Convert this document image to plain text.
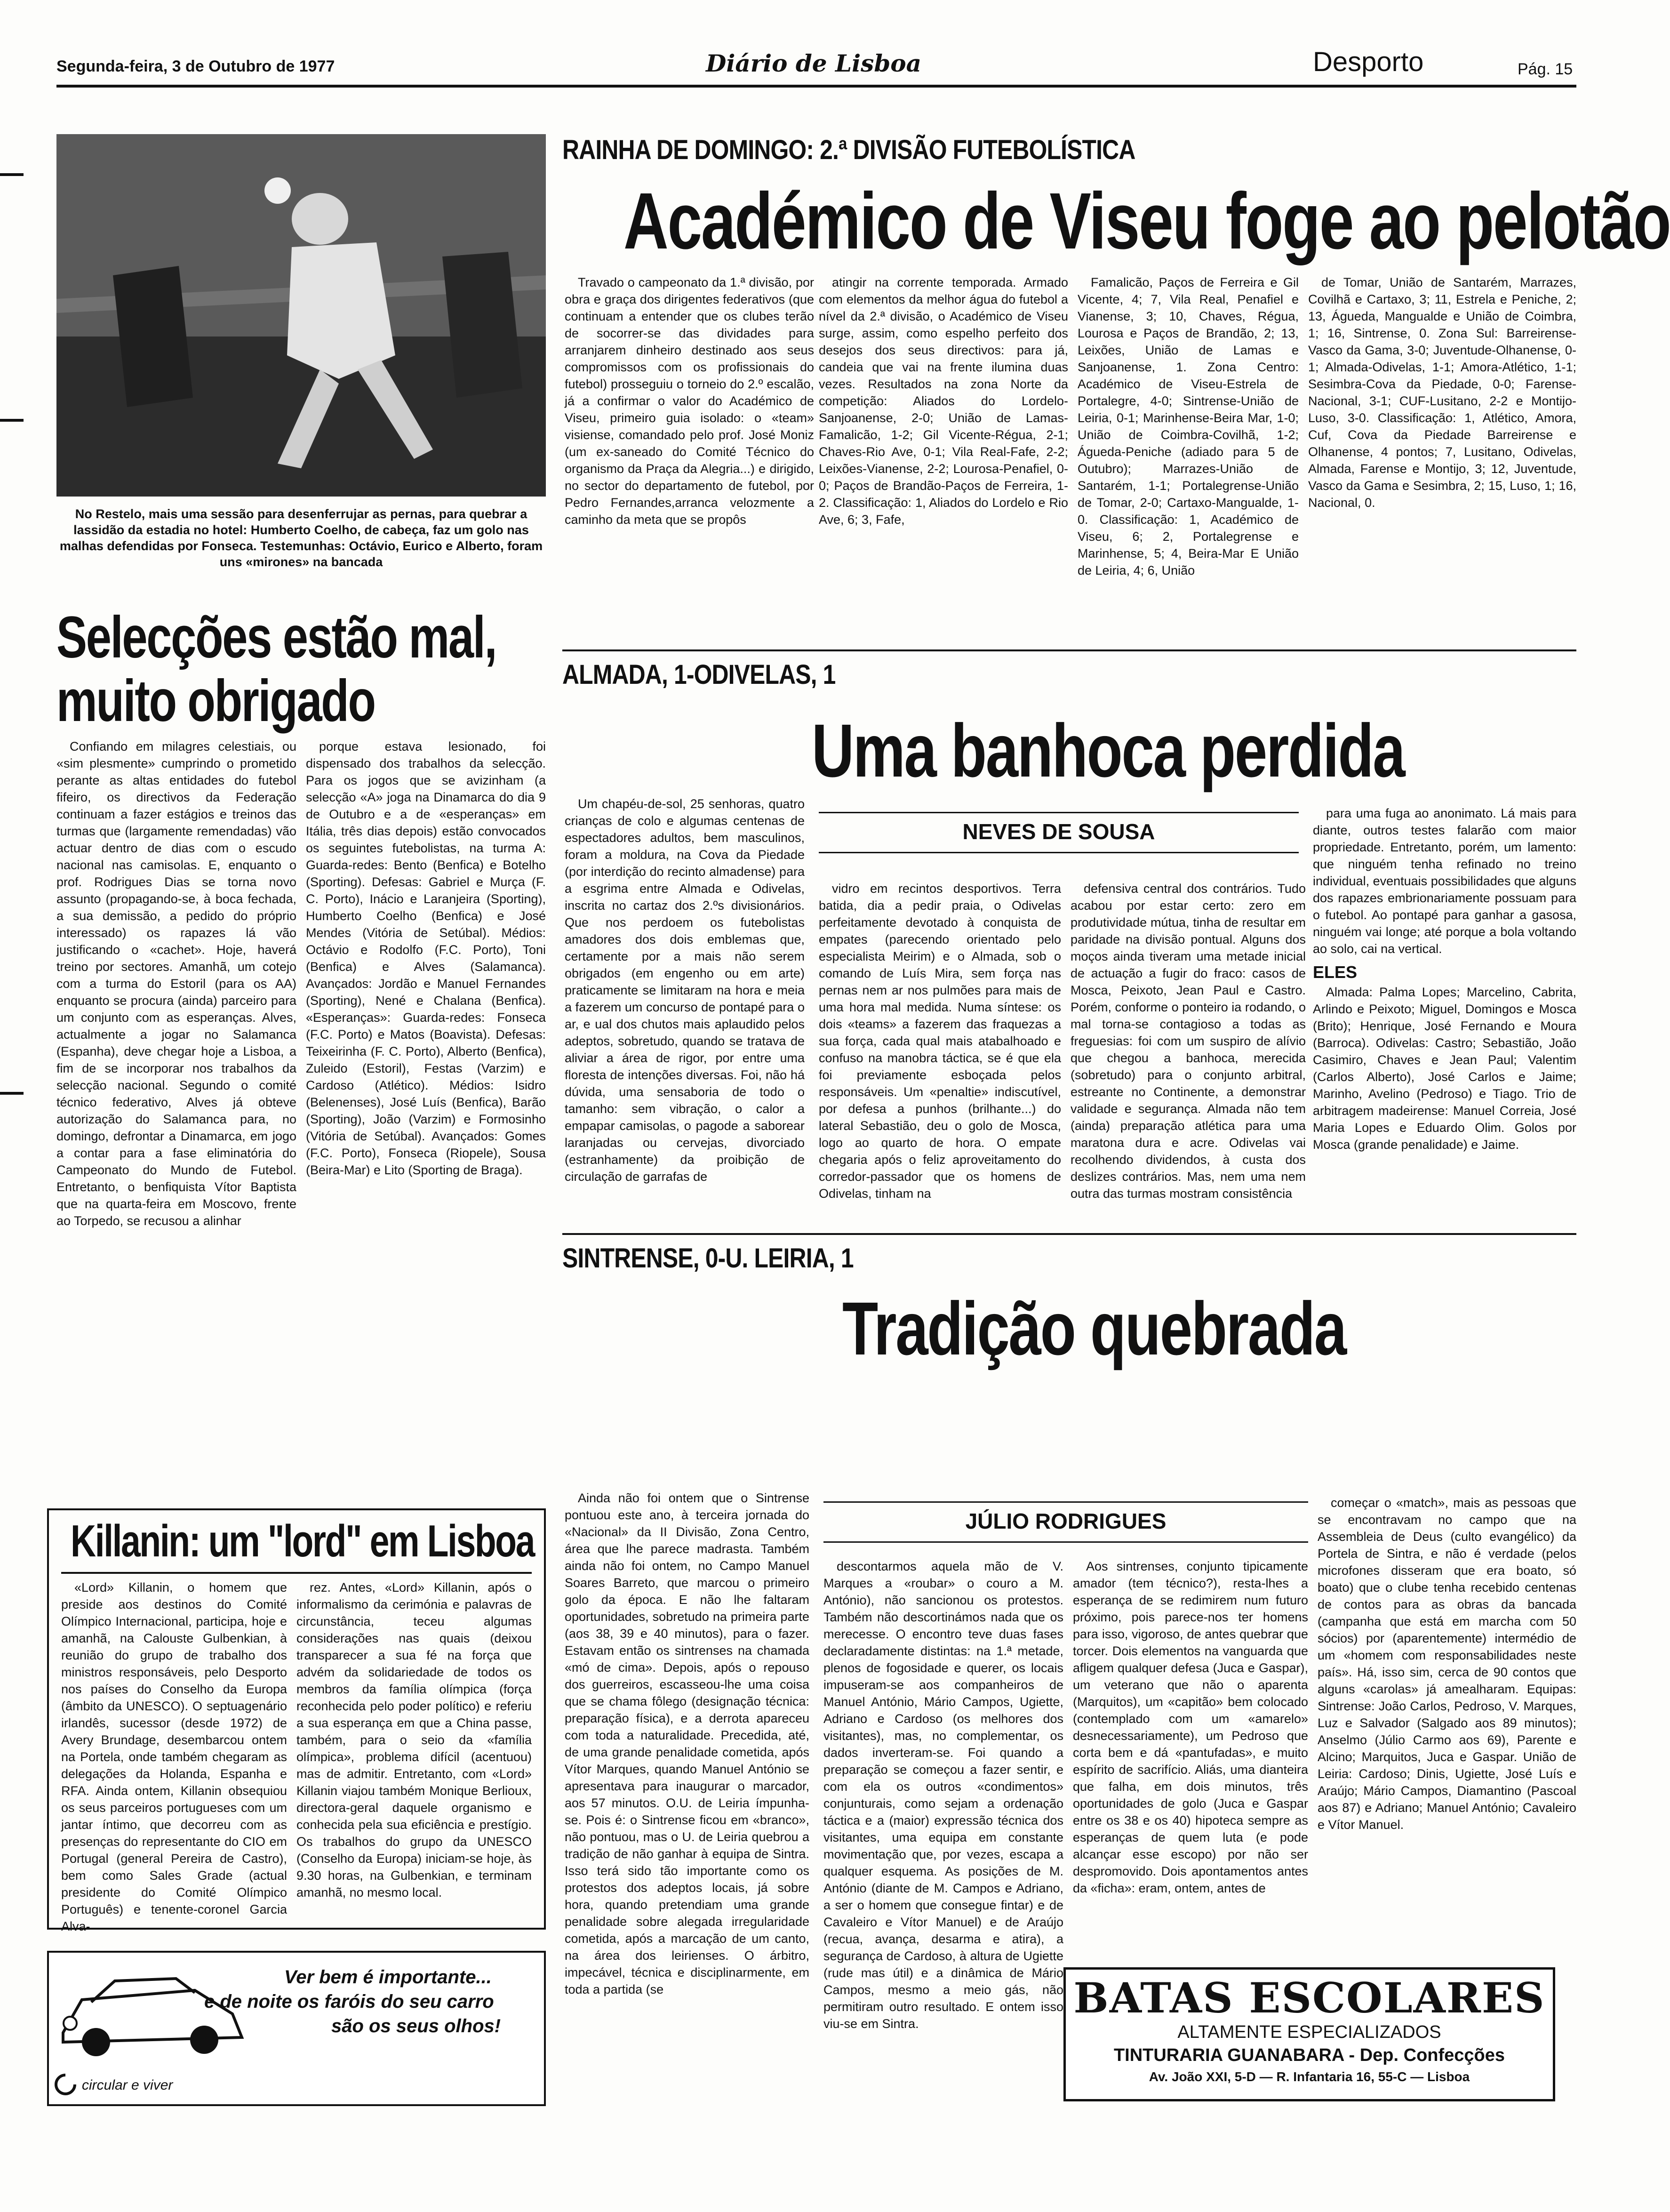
Segunda-feira, 3 de Outubro de 1977	Diário de Lisboa	Desporto	Pág. 15
No Restelo, mais uma sessão para desenferrujar as pernas, para quebrar a lassidão da estadia no hotel: Humberto Coelho, de cabeça, faz um golo nas malhas defendidas por Fonseca. Testemunhas: Octávio, Eurico e Alberto, foram uns «mirones» na bancada
RAINHA DE DOMINGO: 2.ª DIVISÃO FUTEBOLÍSTICA
Académico de Viseu foge ao pelotão

Travado o campeonato da 1.ª divisão, por obra e graça dos dirigentes federativos (que continuam a entender que os clubes terão de socorrer-se das dividades para arranjarem dinheiro destinado aos seus compromissos com os profissionais do futebol) prosseguiu o torneio do 2.º escalão, já a confirmar o valor do Académico de Viseu, primeiro guia isolado: o «team» visiense, comandado pelo prof. José Moniz (um ex-saneado do Comité Técnico do organismo da Praça da Alegria...) e dirigido, no sector do departamento de futebol, por Pedro Fernandes,arranca velozmente a caminho da meta que se propôs

atingir na corrente temporada. Armado com elementos da melhor água do futebol a nível da 2.ª divisão, o Académico de Viseu surge, assim, como espelho perfeito dos desejos dos seus directivos: para já, candeia que vai na frente ilumina duas vezes. Resultados na zona Norte da competição: Aliados do Lordelo-Sanjoanense, 2-0; União de Lamas-Famalicão, 1-2; Gil Vicente-Régua, 2-1; Chaves-Rio Ave, 0-1; Vila Real-Fafe, 2-2; Leixões-Vianense, 2-2; Lourosa-Penafiel, 0-0; Paços de Brandão-Paços de Ferreira, 1-2. Classificação: 1, Aliados do Lordelo e Rio Ave, 6; 3, Fafe,

Famalicão, Paços de Ferreira e Gil Vicente, 4; 7, Vila Real, Penafiel e Vianense, 3; 10, Chaves, Régua, Lourosa e Paços de Brandão, 2; 13, Leixões, União de Lamas e Sanjoanense, 1. Zona Centro: Académico de Viseu-Estrela de Portalegre, 4-0; Sintrense-União de Leiria, 0-1; Marinhense-Beira Mar, 1-0; União de Coimbra-Covilhã, 1-2; Águeda-Peniche (adiado para 5 de Outubro); Marrazes-União de Santarém, 1-1; Portalegrense-União de Tomar, 2-0; Cartaxo-Mangualde, 1-0. Classificação: 1, Académico de Viseu, 6; 2, Portalegrense e Marinhense, 5; 4, Beira-Mar E União de Leiria, 4; 6, União

de Tomar, União de Santarém, Marrazes, Covilhã e Cartaxo, 3; 11, Estrela e Peniche, 2; 13, Águeda, Mangualde e União de Coimbra, 1; 16, Sintrense, 0. Zona Sul: Barreirense-Vasco da Gama, 3-0; Juventude-Olhanense, 0-1; Almada-Odivelas, 1-1; Amora-Atlético, 1-1; Sesimbra-Cova da Piedade, 0-0; Farense-Nacional, 3-1; CUF-Lusitano, 2-2 e Montijo-Luso, 3-0. Classificação: 1, Atlético, Amora, Cuf, Cova da Piedade Barreirense e Olhanense, 4 pontos; 7, Lusitano, Odivelas, Almada, Farense e Montijo, 3; 12, Juventude, Vasco da Gama e Sesimbra, 2; 15, Luso, 1; 16, Nacional, 0.

Selecções estão mal,
muito obrigado

Confiando em milagres celestiais, ou «sim plesmente» cumprindo o prometido perante as altas entidades do futebol fifeiro, os directivos da Federação continuam a fazer estágios e treinos das turmas que (largamente remendadas) vão actuar dentro de dias com o escudo nacional nas camisolas. E, enquanto o prof. Rodrigues Dias se torna novo assunto (propagando-se, à boca fechada, a sua demissão, a pedido do próprio interessado) os rapazes lá vão justificando o «cachet». Hoje, haverá treino por sectores. Amanhã, um cotejo com a turma do Estoril (para os AA) enquanto se procura (ainda) parceiro para um conjunto com as esperanças. Alves, actualmente a jogar no Salamanca (Espanha), deve chegar hoje a Lisboa, a fim de se incorporar nos trabalhos da selecção nacional. Segundo o comité técnico federativo, Alves já obteve autorização do Salamanca para, no domingo, defrontar a Dinamarca, em jogo a contar para a fase eliminatória do Campeonato do Mundo de Futebol. Entretanto, o benfiquista Vítor Baptista que na quarta-feira em Moscovo, frente ao Torpedo, se recusou a alinhar

porque estava lesionado, foi dispensado dos trabalhos da selecção. Para os jogos que se avizinham (a selecção «A» joga na Dinamarca do dia 9 de Outubro e a de «esperanças» em Itália, três dias depois) estão convocados os seguintes futebolistas, na turma A: Guarda-redes: Bento (Benfica) e Botelho (Sporting). Defesas: Gabriel e Murça (F. C. Porto), Inácio e Laranjeira (Sporting), Humberto Coelho (Benfica) e José Mendes (Vitória de Setúbal). Médios: Octávio e Rodolfo (F.C. Porto), Toni (Benfica) e Alves (Salamanca). Avançados: Jordão e Manuel Fernandes (Sporting), Nené e Chalana (Benfica). «Esperanças»: Guarda-redes: Fonseca (F.C. Porto) e Matos (Boavista). Defesas: Teixeirinha (F. C. Porto), Alberto (Benfica), Zuleido (Estoril), Festas (Varzim) e Cardoso (Atlético). Médios: Isidro (Belenenses), José Luís (Benfica), Barão (Sporting), João (Varzim) e Formosinho (Vitória de Setúbal). Avançados: Gomes (F.C. Porto), Fonseca (Riopele), Sousa (Beira-Mar) e Lito (Sporting de Braga).

ALMADA, 1-ODIVELAS, 1
Uma banhoca perdida

Um chapéu-de-sol, 25 senhoras, quatro crianças de colo e algumas centenas de espectadores adultos, bem masculinos, foram a moldura, na Cova da Piedade (por interdição do recinto almadense) para a esgrima entre Almada e Odivelas, inscrita no cartaz dos 2.ºs divisionários. Que nos perdoem os futebolistas amadores dos dois emblemas que, certamente por a mais não serem obrigados (em engenho ou em arte) praticamente se limitaram na hora e meia a fazerem um concurso de pontapé para o ar, e ual dos chutos mais aplaudido pelos adeptos, sobretudo, quando se tratava de aliviar a área de rigor, por entre uma floresta de intenções diversas. Foi, não há dúvida, uma sensaboria de todo o tamanho: sem vibração, o calor a empapar camisolas, o pagode a saborear laranjadas ou cervejas, divorciado (estranhamente) da proibição de circulação de garrafas de

NEVES DE SOUSA

vidro em recintos desportivos. Terra batida, dia a pedir praia, o Odivelas perfeitamente devotado à conquista de empates (parecendo orientado pelo especialista Meirim) e o Almada, sob o comando de Luís Mira, sem força nas pernas nem ar nos pulmões para mais de uma hora mal medida. Numa síntese: os dois «teams» a fazerem das fraquezas a sua força, cada qual mais atabalhoado e confuso na manobra táctica, se é que ela foi previamente esboçada pelos responsáveis. Um «penaltie» indiscutível, por defesa a punhos (brilhante...) do lateral Sebastião, deu o golo de Mosca, logo ao quarto de hora. O empate chegaria após o feliz aproveitamento do corredor-passador que os homens de Odivelas, tinham na

defensiva central dos contrários. Tudo acabou por estar certo: zero em produtividade mútua, tinha de resultar em paridade na divisão pontual. Alguns dos moços ainda tiveram uma metade inicial de actuação a fugir do fraco: casos de Mosca, Peixoto, Jean Paul e Castro. Porém, conforme o ponteiro ia rodando, o mal torna-se contagioso a todas as freguesias: foi com um suspiro de alívio que chegou a banhoca, merecida (sobretudo) para o conjunto arbitral, estreante no Continente, a demonstrar validade e segurança. Almada não tem (ainda) preparação atlética para uma maratona dura e acre. Odivelas vai recolhendo dividendos, à custa dos deslizes contrários. Mas, nem uma nem outra das turmas mostram consistência

para uma fuga ao anonimato. Lá mais para diante, outros testes falarão com maior propriedade. Entretanto, porém, um lamento: que ninguém tenha refinado no treino individual, eventuais possibilidades que alguns dos rapazes embrionariamente possuam para o futebol. Ao pontapé para ganhar a gasosa, ninguém vai longe; até porque a bola voltando ao solo, cai na vertical.

ELES

Almada: Palma Lopes; Marcelino, Cabrita, Arlindo e Peixoto; Miguel, Domingos e Mosca (Brito); Henrique, José Fernando e Moura (Barroca). Odivelas: Castro; Sebastião, João Casimiro, Chaves e Jean Paul; Valentim (Carlos Alberto), José Carlos e Jaime; Marinho, Avelino (Pedroso) e Tiago. Trio de arbitragem madeirense: Manuel Correia, José Maria Lopes e Eduardo Olim. Golos por Mosca (grande penalidade) e Jaime.

Killanin: um "lord" em Lisboa

«Lord» Killanin, o homem que preside aos destinos do Comité Olímpico Internacional, participa, hoje e amanhã, na Calouste Gulbenkian, à reunião do grupo de trabalho dos ministros responsáveis, pelo Desporto nos países do Conselho da Europa (âmbito da UNESCO). O septuagenário irlandês, sucessor (desde 1972) de Avery Brundage, desembarcou ontem na Portela, onde também chegaram as delegações da Holanda, Espanha e RFA. Ainda ontem, Killanin obsequiou os seus parceiros portugueses com um jantar íntimo, que decorreu com as presenças do representante do CIO em Portugal (general Pereira de Castro), bem como Sales Grade (actual presidente do Comité Olímpico Português) e tenente-coronel Garcia Alva-

rez. Antes, «Lord» Killanin, após o informalismo da cerimónia e palavras de circunstância, teceu algumas considerações nas quais (deixou transparecer a sua fé na força que advém da solidariedade de todos os membros da família olímpica (força reconhecida pelo poder político) e referiu a sua esperança em que a China passe, também, para o seio da «família olímpica», problema difícil (acentuou) mas de admitir. Entretanto, com «Lord» Killanin viajou também Monique Berlioux, directora-geral daquele organismo e conhecida pela sua eficiência e prestígio. Os trabalhos do grupo da UNESCO (Conselho da Europa) iniciam-se hoje, às 9.30 horas, na Gulbenkian, e terminam amanhã, no mesmo local.

SINTRENSE, 0-U. LEIRIA, 1
Tradição quebrada

Ainda não foi ontem que o Sintrense pontuou este ano, à terceira jornada do «Nacional» da II Divisão, Zona Centro, área que lhe parece madrasta. Também ainda não foi ontem, no Campo Manuel Soares Barreto, que marcou o primeiro golo da época. E não lhe faltaram oportunidades, sobretudo na primeira parte (aos 38, 39 e 40 minutos), para o fazer. Estavam então os sintrenses na chamada «mó de cima». Depois, após o repouso dos guerreiros, escasseou-lhe uma coisa que se chama fôlego (designação técnica: preparação física), e a derrota apareceu com toda a naturalidade. Precedida, até, de uma grande penalidade cometida, após Vítor Marques, quando Manuel António se apresentava para inaugurar o marcador, aos 57 minutos. O.U. de Leiria ímpunha-se. Pois é: o Sintrense ficou em «branco», não pontuou, mas o U. de Leiria quebrou a tradição de não ganhar à equipa de Sintra. Isso terá sido tão importante como os protestos dos adeptos locais, já sobre hora, quando pretendiam uma grande penalidade sobre alegada irregularidade cometida, após a marcação de um canto, na área dos leirienses. O árbitro, impecável, técnica e disciplinarmente, em toda a partida (se

JÚLIO RODRIGUES

descontarmos aquela mão de V. Marques a «roubar» o couro a M. António), não sancionou os protestos. Também não descortinámos nada que os merecesse. O encontro teve duas fases declaradamente distintas: na 1.ª metade, plenos de fogosidade e querer, os locais impuseram-se aos companheiros de Manuel António, Mário Campos, Ugiette, Adriano e Cardoso (os melhores dos visitantes), mas, no complementar, os dados inverteram-se. Foi quando a preparação se começou a fazer sentir, e com ela os outros «condimentos» conjunturais, como sejam a ordenação táctica e a (maior) expressão técnica dos visitantes, uma equipa em constante movimentação que, por vezes, escapa a qualquer esquema. As posições de M. António (diante de M. Campos e Adriano, a ser o homem que consegue fintar) e de Cavaleiro e Vítor Manuel) e de Araújo (recua, avança, desarma e atira), a segurança de Cardoso, à altura de Ugiette (rude mas útil) e a dinâmica de Mário Campos, mesmo a meio gás, não permitiram outro resultado. E ontem isso viu-se em Sintra.

Aos sintrenses, conjunto tipicamente amador (tem técnico?), resta-lhes a esperança de se redimirem num futuro próximo, pois parece-nos ter homens para isso, vigoroso, de antes quebrar que torcer. Dois elementos na vanguarda que afligem qualquer defesa (Juca e Gaspar), um veterano que não o aparenta (Marquitos), um «capitão» bem colocado (contemplado com um «amarelo» desnecessariamente), um Pedroso que corta bem e dá «pantufadas», e muito espírito de sacrifício. Aliás, uma dianteira que falha, em dois minutos, três oportunidades de golo (Juca e Gaspar entre os 38 e os 40) hipoteca sempre as esperanças de quem luta (e pode alcançar esse escopo) por não ser despromovido. Dois apontamentos antes da «ficha»: eram, ontem, antes de

começar o «match», mais as pessoas que se encontravam no campo que na Assembleia de Deus (culto evangélico) da Portela de Sintra, e não é verdade (pelos microfones disseram que era boato, só boato) que o clube tenha recebido centenas de contos para as obras da bancada (campanha que está em marcha com 50 sócios) por (aparentemente) intermédio de um «homem com responsabilidades neste país». Há, isso sim, cerca de 90 contos que alguns «carolas» já amealharam. Equipas: Sintrense: João Carlos, Pedroso, V. Marques, Luz e Salvador (Salgado aos 89 minutos); Anselmo (Júlio Carmo aos 69), Parente e Alcino; Marquitos, Juca e Gaspar. União de Leiria: Cardoso; Dinis, Ugiette, José Luís e Araújo; Mário Campos, Diamantino (Pascoal aos 87) e Adriano; Manuel António; Cavaleiro e Vítor Manuel.

Ver bem é importante...
e de noite os faróis do seu carro
são os seus olhos!
circular e viver
BATAS ESCOLARES
ALTAMENTE ESPECIALIZADOS
TINTURARIA GUANABARA - Dep. Confecções
Av. João XXI, 5-D — R. Infantaria 16, 55-C — Lisboa
